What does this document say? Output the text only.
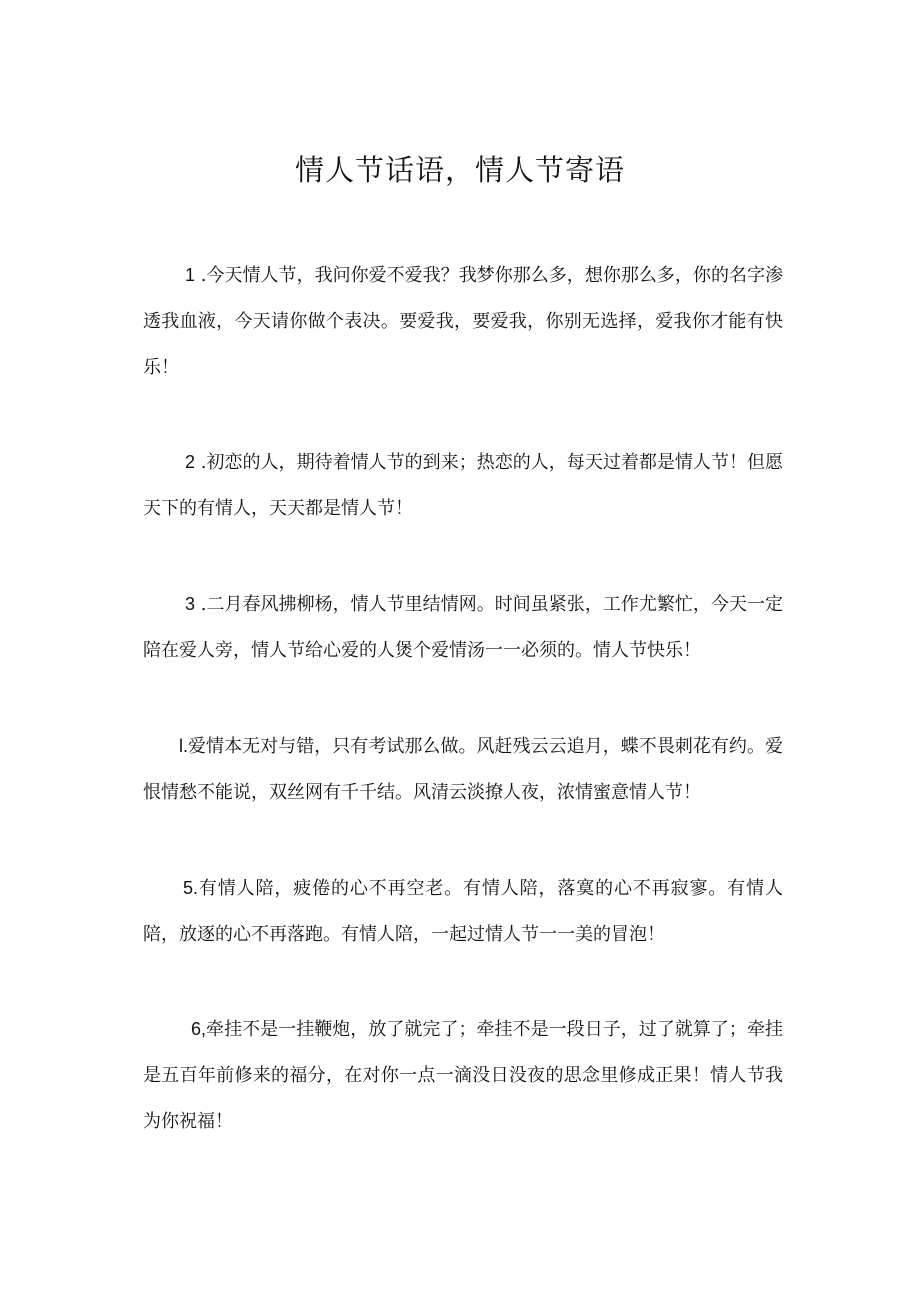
情人节话语，情人节寄语

1 .今天情人节，我问你爱不爱我？我梦你那么多，想你那么多，你的名字渗透我血液，今天请你做个表决。要爱我，要爱我，你别无选择，爱我你才能有快乐！

2 .初恋的人，期待着情人节的到来；热恋的人，每天过着都是情人节！但愿天下的有情人，天天都是情人节！

3 .二月春风拂柳杨，情人节里结情网。时间虽紧张，工作尤繁忙，今天一定陪在爱人旁，情人节给心爱的人煲个爱情汤一一必须的。情人节快乐！

l.爱情本无对与错，只有考试那么做。风赶残云云追月，蝶不畏刺花有约。爱恨情愁不能说，双丝网有千千结。风清云淡撩人夜，浓情蜜意情人节！

5.有情人陪，疲倦的心不再空老。有情人陪，落寞的心不再寂寥。有情人陪，放逐的心不再落跑。有情人陪，一起过情人节一一美的冒泡！

6,牵挂不是一挂鞭炮，放了就完了；牵挂不是一段日子，过了就算了；牵挂是五百年前修来的福分，在对你一点一滴没日没夜的思念里修成正果！情人节我为你祝福！
